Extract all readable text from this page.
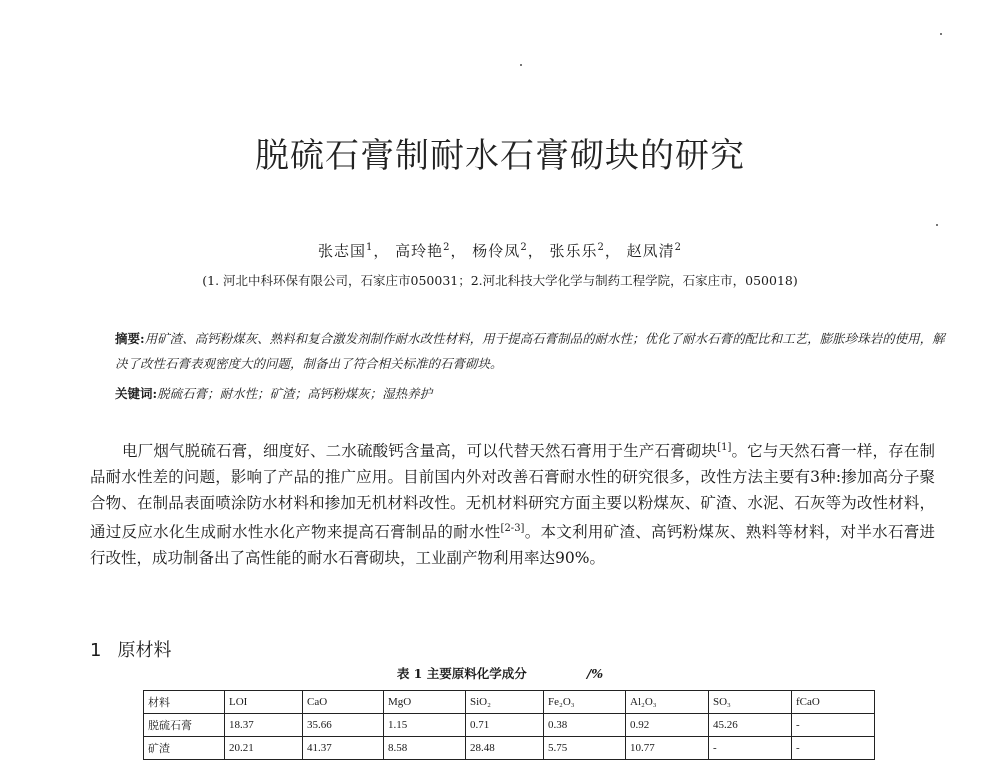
脱硫石膏制耐水石膏砌块的研究
张志国$^1$， 高玲艳$^2$， 杨伶凤$^2$， 张乐乐$^2$， 赵凤清$^2$
(1. 河北中科环保有限公司，石家庄市050031；2.河北科技大学化学与制药工程学院，石家庄市，050018)
摘要:用矿渣、高钙粉煤灰、熟料和复合激发剂制作耐水改性材料，用于提高石膏制品的耐水性；优化了耐水石膏的配比和工艺，膨胀珍珠岩的使用，解决了改性石膏表观密度大的问题，制备出了符合相关标准的石膏砌块。
关键词:脱硫石膏；耐水性；矿渣；高钙粉煤灰；湿热养护
电厂烟气脱硫石膏，细度好、二水硫酸钙含量高，可以代替天然石膏用于生产石膏砌块[1]。它与天然石膏一样，存在制品耐水性差的问题，影响了产品的推广应用。目前国内外对改善石膏耐水性的研究很多，改性方法主要有3种:掺加高分子聚合物、在制品表面喷涂防水材料和掺加无机材料改性。无机材料研究方面主要以粉煤灰、矿渣、水泥、石灰等为改性材料，通过反应水化生成耐水性水化产物来提高石膏制品的耐水性[2-3]。本文利用矿渣、高钙粉煤灰、熟料等材料，对半水石膏进行改性，成功制备出了高性能的耐水石膏砌块，工业副产物利用率达90%。
1 原材料
表 1 主要原料化学成分	/%
材料	LOI	CaO	MgO	SiO₂	Fe₂O₃	Al₂O₃	SO₃	fCaO
脱硫石膏	18.37	35.66	1.15	0.71	0.38	0.92	45.26	-
矿渣	20.21	41.37	8.58	28.48	5.75	10.77	-	-
